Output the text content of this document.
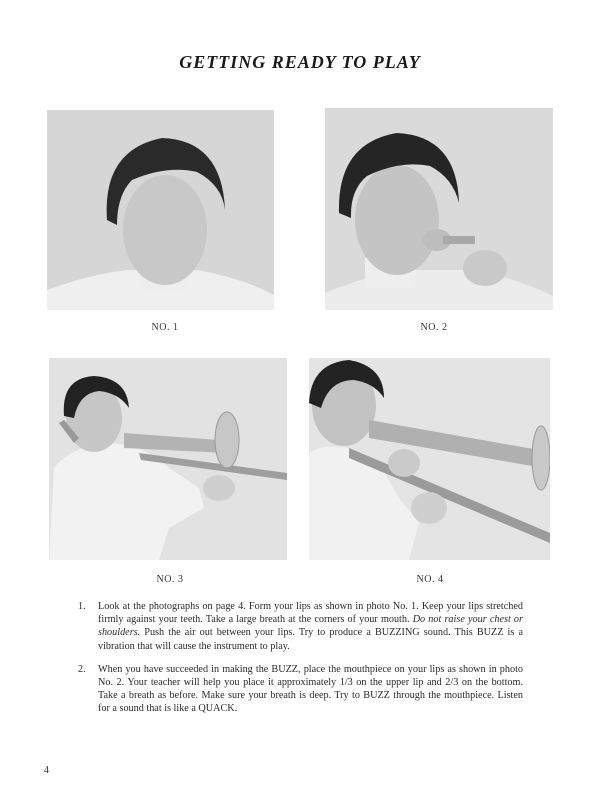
GETTING READY TO PLAY
NO. 1	NO. 2
NO. 3	NO. 4
1. Look at the photographs on page 4. Form your lips as shown in photo No. 1. Keep your lips stretched firmly against your teeth. Take a large breath at the corners of your mouth. Do not raise your chest or shoulders. Push the air out between your lips. Try to produce a BUZZING sound. This BUZZ is a vibration that will cause the instrument to play.
2. When you have succeeded in making the BUZZ, place the mouthpiece on your lips as shown in photo No. 2. Your teacher will help you place it approximately 1/3 on the upper lip and 2/3 on the bottom. Take a breath as before. Make sure your breath is deep. Try to BUZZ through the mouthpiece. Listen for a sound that is like a QUACK.
4
